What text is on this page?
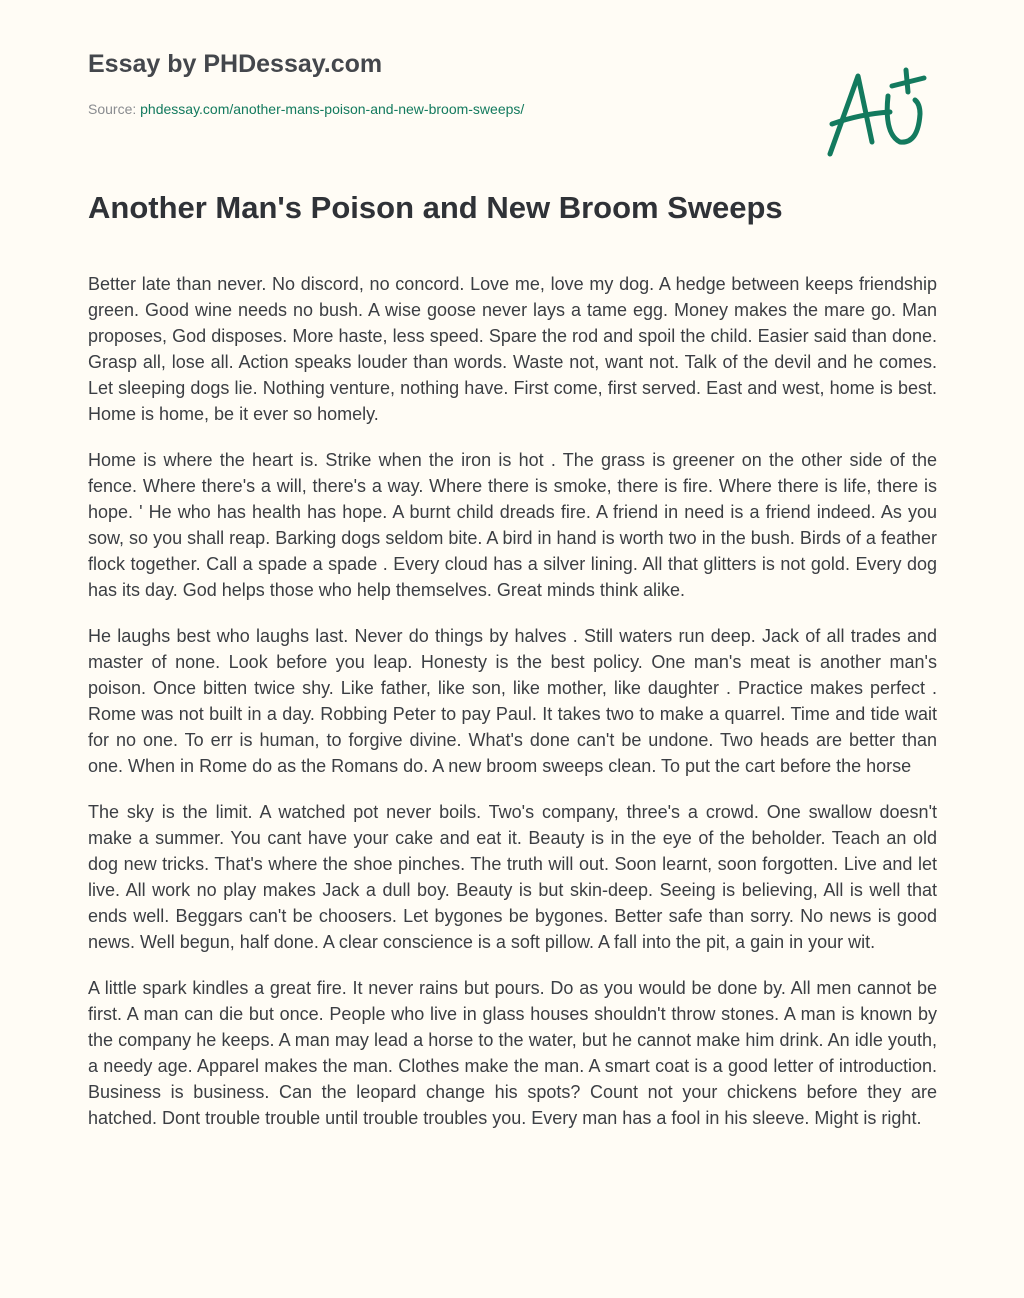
Essay by PHDessay.com
Source: phdessay.com/another-mans-poison-and-new-broom-sweeps/
Another Man's Poison and New Broom Sweeps

Better late than never. No discord, no concord. Love me, love my dog. A hedge between keeps friendship green. Good wine needs no bush. A wise goose never lays a tame egg. Money makes the mare go. Man proposes, God disposes. More haste, less speed. Spare the rod and spoil the child. Easier said than done. Grasp all, lose all. Action speaks louder than words. Waste not, want not. Talk of the devil and he comes. Let sleeping dogs lie. Nothing venture, nothing have. First come, first served. East and west, home is best. Home is home, be it ever so homely.

Home is where the heart is. Strike when the iron is hot . The grass is greener on the other side of the fence. Where there's a will, there's a way. Where there is smoke, there is fire. Where there is life, there is hope. ' He who has health has hope. A burnt child dreads fire. A friend in need is a friend indeed. As you sow, so you shall reap. Barking dogs seldom bite. A bird in hand is worth two in the bush. Birds of a feather flock together. Call a spade a spade . Every cloud has a silver lining. All that glitters is not gold. Every dog has its day. God helps those who help themselves. Great minds think alike.

He laughs best who laughs last. Never do things by halves . Still waters run deep. Jack of all trades and master of none. Look before you leap. Honesty is the best policy. One man's meat is another man's poison. Once bitten twice shy. Like father, like son, like mother, like daughter . Practice makes perfect . Rome was not built in a day. Robbing Peter to pay Paul. It takes two to make a quarrel. Time and tide wait for no one. To err is human, to forgive divine. What's done can't be undone. Two heads are better than one. When in Rome do as the Romans do. A new broom sweeps clean. To put the cart before the horse

The sky is the limit. A watched pot never boils. Two's company, three's a crowd. One swallow doesn't make a summer. You cant have your cake and eat it. Beauty is in the eye of the beholder. Teach an old dog new tricks. That's where the shoe pinches. The truth will out. Soon learnt, soon forgotten. Live and let live. All work no play makes Jack a dull boy. Beauty is but skin-deep. Seeing is believing, All is well that ends well. Beggars can't be choosers. Let bygones be bygones. Better safe than sorry. No news is good news. Well begun, half done. A clear conscience is a soft pillow. A fall into the pit, a gain in your wit.

A little spark kindles a great fire. It never rains but pours. Do as you would be done by. All men cannot be first. A man can die but once. People who live in glass houses shouldn't throw stones. A man is known by the company he keeps. A man may lead a horse to the water, but he cannot make him drink. An idle youth, a needy age. Apparel makes the man. Clothes make the man. A smart coat is a good letter of introduction. Business is business. Can the leopard change his spots? Count not your chickens before they are hatched. Dont trouble trouble until trouble troubles you. Every man has a fool in his sleeve. Might is right.
